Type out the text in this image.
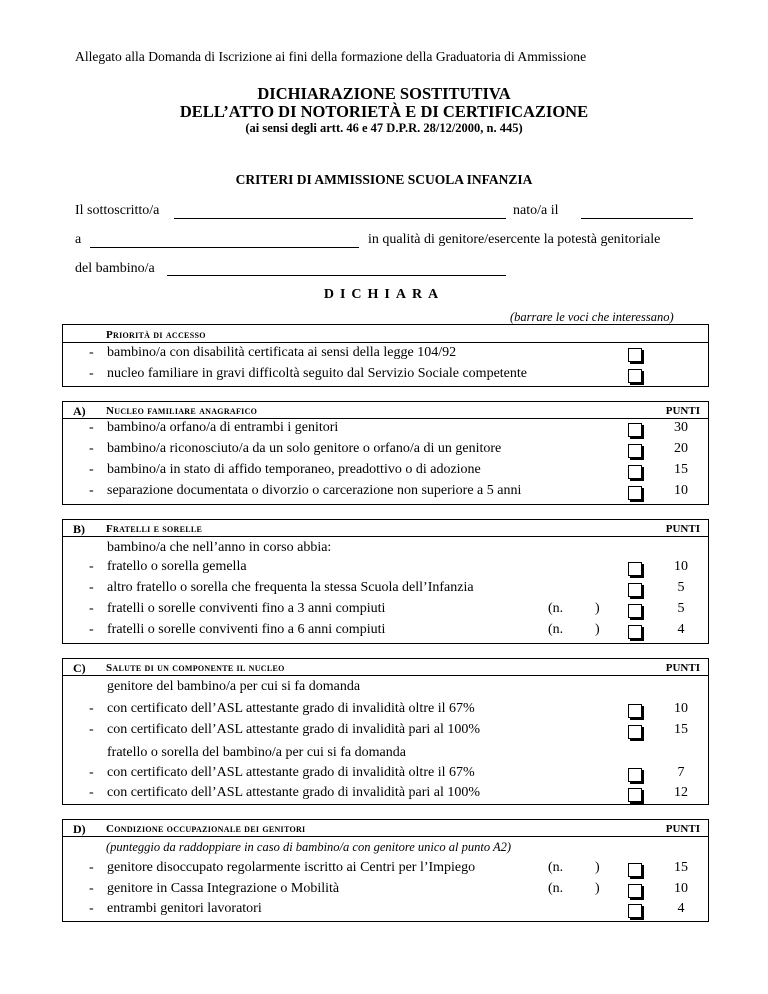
Allegato alla Domanda di Iscrizione ai fini della formazione della Graduatoria di Ammissione
DICHIARAZIONE SOSTITUTIVA
DELL’ATTO DI NOTORIETÀ E DI CERTIFICAZIONE
(ai sensi degli artt. 46 e 47 D.P.R. 28/12/2000, n. 445)
CRITERI DI AMMISSIONE SCUOLA INFANZIA
Il sottoscritto/a	nato/a il
a	in qualità di genitore/esercente la potestà genitoriale
del bambino/a
DICHIARA
(barrare le voci che interessano)
Priorità di accesso
- bambino/a con disabilità certificata ai sensi della legge 104/92
- nucleo familiare in gravi difficoltà seguito dal Servizio Sociale competente
A) Nucleo familiare anagrafico	PUNTI
- bambino/a orfano/a di entrambi i genitori	30
- bambino/a riconosciuto/a da un solo genitore o orfano/a di un genitore	20
- bambino/a in stato di affido temporaneo, preadottivo o di adozione	15
- separazione documentata o divorzio o carcerazione non superiore a 5 anni	10
B) Fratelli e sorelle	PUNTI
bambino/a che nell’anno in corso abbia:
- fratello o sorella gemella	10
- altro fratello o sorella che frequenta la stessa Scuola dell’Infanzia	5
- fratelli o sorelle conviventi fino a 3 anni compiuti	(n. )	5
- fratelli o sorelle conviventi fino a 6 anni compiuti	(n. )	4
C) Salute di un componente il nucleo	PUNTI
genitore del bambino/a per cui si fa domanda
- con certificato dell’ASL attestante grado di invalidità oltre il 67%	10
- con certificato dell’ASL attestante grado di invalidità pari al 100%	15
fratello o sorella del bambino/a per cui si fa domanda
- con certificato dell’ASL attestante grado di invalidità oltre il 67%	7
- con certificato dell’ASL attestante grado di invalidità pari al 100%	12
D) Condizione occupazionale dei genitori	PUNTI
(punteggio da raddoppiare in caso di bambino/a con genitore unico al punto A2)
- genitore disoccupato regolarmente iscritto ai Centri per l’Impiego	(n. )	15
- genitore in Cassa Integrazione o Mobilità	(n. )	10
- entrambi genitori lavoratori	4
